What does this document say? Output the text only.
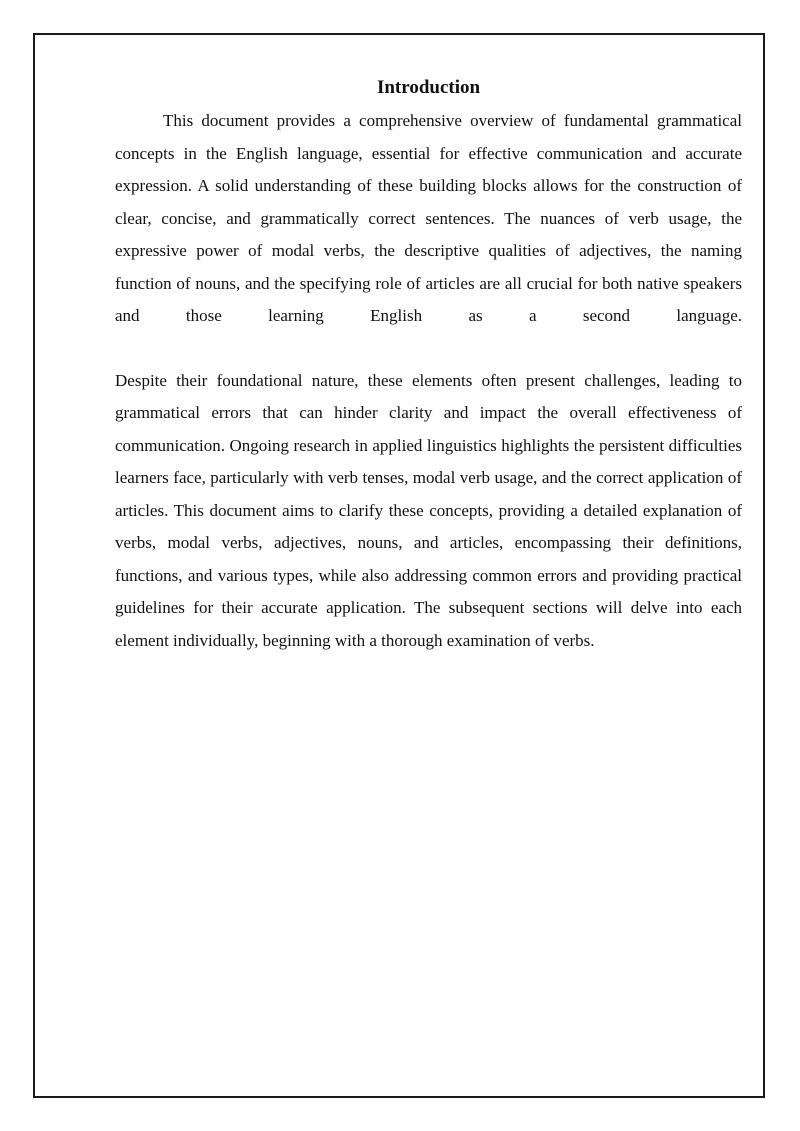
Introduction

This document provides a comprehensive overview of fundamental grammatical concepts in the English language, essential for effective communication and accurate expression. A solid understanding of these building blocks allows for the construction of clear, concise, and grammatically correct sentences. The nuances of verb usage, the expressive power of modal verbs, the descriptive qualities of adjectives, the naming function of nouns, and the specifying role of articles are all crucial for both native speakers and those learning English as a second language.

Despite their foundational nature, these elements often present challenges, leading to grammatical errors that can hinder clarity and impact the overall effectiveness of communication. Ongoing research in applied linguistics highlights the persistent difficulties learners face, particularly with verb tenses, modal verb usage, and the correct application of articles. This document aims to clarify these concepts, providing a detailed explanation of verbs, modal verbs, adjectives, nouns, and articles, encompassing their definitions, functions, and various types, while also addressing common errors and providing practical guidelines for their accurate application. The subsequent sections will delve into each element individually, beginning with a thorough examination of verbs.
